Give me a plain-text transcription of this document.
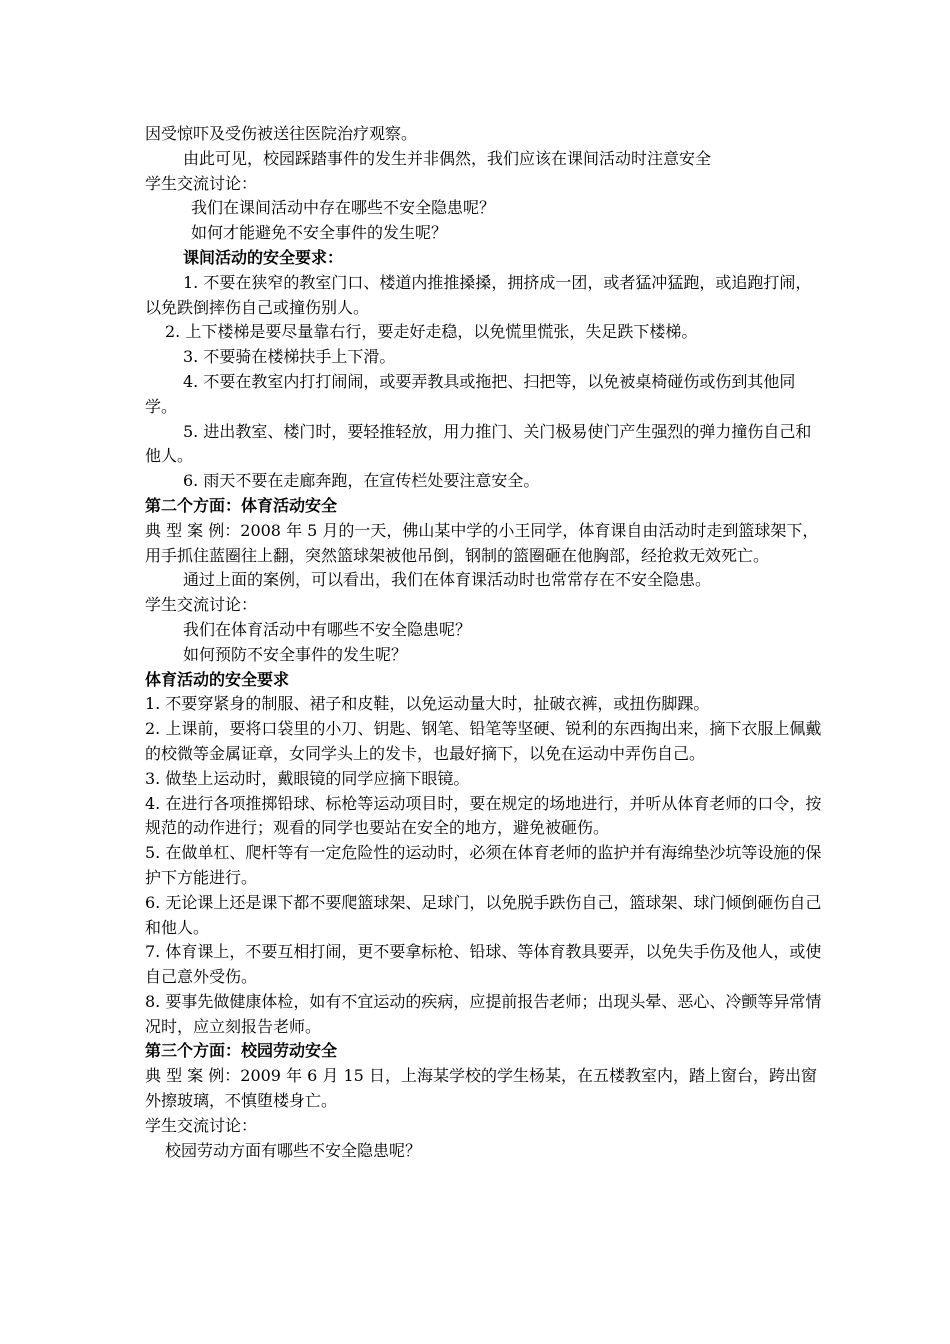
因受惊吓及受伤被送往医院治疗观察。

由此可见，校园踩踏事件的发生并非偶然，我们应该在课间活动时注意安全

学生交流讨论：

我们在课间活动中存在哪些不安全隐患呢？

如何才能避免不安全事件的发生呢？

课间活动的安全要求：

1. 不要在狭窄的教室门口、楼道内推推搡搡，拥挤成一团，或者猛冲猛跑，或追跑打闹，以免跌倒摔伤自己或撞伤别人。

2. 上下楼梯是要尽量靠右行，要走好走稳，以免慌里慌张，失足跌下楼梯。

3. 不要骑在楼梯扶手上下滑。

4. 不要在教室内打打闹闹，或要弄教具或拖把、扫把等，以免被桌椅碰伤或伤到其他同学。

5. 进出教室、楼门时，要轻推轻放，用力推门、关门极易使门产生强烈的弹力撞伤自己和他人。

6. 雨天不要在走廊奔跑，在宣传栏处要注意安全。

第二个方面：体育活动安全

典 型 案 例：2008 年 5 月的一天，佛山某中学的小王同学，体育课自由活动时走到篮球架下，用手抓住蓝圈往上翻，突然篮球架被他吊倒，钢制的篮圈砸在他胸部，经抢救无效死亡。

通过上面的案例，可以看出，我们在体育课活动时也常常存在不安全隐患。

学生交流讨论：

我们在体育活动中有哪些不安全隐患呢？

如何预防不安全事件的发生呢？

体育活动的安全要求

1. 不要穿紧身的制服、裙子和皮鞋，以免运动量大时，扯破衣裤，或扭伤脚踝。

2. 上课前，要将口袋里的小刀、钥匙、钢笔、铅笔等坚硬、锐利的东西掏出来，摘下衣服上佩戴的校微等金属证章，女同学头上的发卡，也最好摘下，以免在运动中弄伤自己。

3. 做垫上运动时，戴眼镜的同学应摘下眼镜。

4. 在进行各项推掷铅球、标枪等运动项目时，要在规定的场地进行，并听从体育老师的口令，按规范的动作进行；观看的同学也要站在安全的地方，避免被砸伤。

5. 在做单杠、爬杆等有一定危险性的运动时，必须在体育老师的监护并有海绵垫沙坑等设施的保护下方能进行。

6. 无论课上还是课下都不要爬篮球架、足球门，以免脱手跌伤自己，篮球架、球门倾倒砸伤自己和他人。

7. 体育课上，不要互相打闹，更不要拿标枪、铅球、等体育教具要弄，以免失手伤及他人，或使自己意外受伤。

8. 要事先做健康体检，如有不宜运动的疾病，应提前报告老师；出现头晕、恶心、冷颤等异常情况时，应立刻报告老师。

第三个方面：校园劳动安全

典 型 案 例：2009 年 6 月 15 日，上海某学校的学生杨某，在五楼教室内，踏上窗台，跨出窗外擦玻璃，不慎堕楼身亡。

学生交流讨论：

校园劳动方面有哪些不安全隐患呢？
